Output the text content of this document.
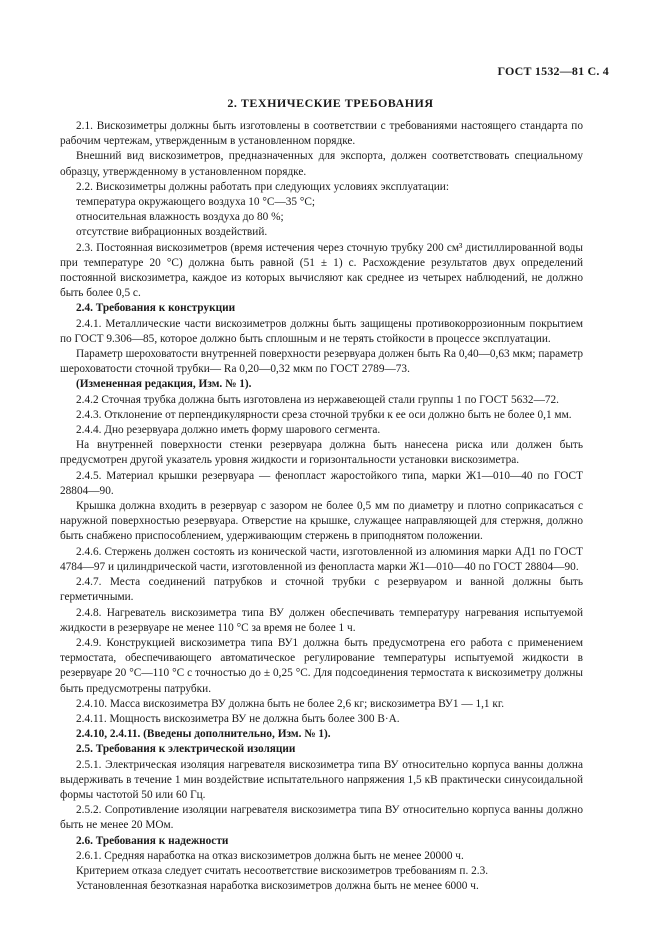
ГОСТ 1532—81 С. 4
2. ТЕХНИЧЕСКИЕ ТРЕБОВАНИЯ

2.1. Вискозиметры должны быть изготовлены в соответствии с требованиями настоящего стандарта по рабочим чертежам, утвержденным в установленном порядке.

Внешний вид вискозиметров, предназначенных для экспорта, должен соответствовать специальному образцу, утвержденному в установленном порядке.

2.2. Вискозиметры должны работать при следующих условиях эксплуатации:

температура окружающего воздуха 10 °С—35 °С;

относительная влажность воздуха до 80 %;

отсутствие вибрационных воздействий.

2.3. Постоянная вискозиметров (время истечения через сточную трубку 200 см³ дистиллированной воды при температуре 20 °С) должна быть равной (51 ± 1) с. Расхождение результатов двух определений постоянной вискозиметра, каждое из которых вычисляют как среднее из четырех наблюдений, не должно быть более 0,5 с.

2.4. Требования к конструкции

2.4.1. Металлические части вискозиметров должны быть защищены противокоррозионным покрытием по ГОСТ 9.306—85, которое должно быть сплошным и не терять стойкости в процессе эксплуатации.

Параметр шероховатости внутренней поверхности резервуара должен быть Ra 0,40—0,63 мкм; параметр шероховатости сточной трубки— Ra 0,20—0,32 мкм по ГОСТ 2789—73.

(Измененная редакция, Изм. № 1).

2.4.2 Сточная трубка должна быть изготовлена из нержавеющей стали группы 1 по ГОСТ 5632—72.

2.4.3. Отклонение от перпендикулярности среза сточной трубки к ее оси должно быть не более 0,1 мм.

2.4.4. Дно резервуара должно иметь форму шарового сегмента.

На внутренней поверхности стенки резервуара должна быть нанесена риска или должен быть предусмотрен другой указатель уровня жидкости и горизонтальности установки вискозиметра.

2.4.5. Материал крышки резервуара — фенопласт жаростойкого типа, марки Ж1—010—40 по ГОСТ 28804—90.

Крышка должна входить в резервуар с зазором не более 0,5 мм по диаметру и плотно соприкасаться с наружной поверхностью резервуара. Отверстие на крышке, служащее направляющей для стержня, должно быть снабжено приспособлением, удерживающим стержень в приподнятом положении.

2.4.6. Стержень должен состоять из конической части, изготовленной из алюминия марки АД1 по ГОСТ 4784—97 и цилиндрической части, изготовленной из фенопласта марки Ж1—010—40 по ГОСТ 28804—90.

2.4.7. Места соединений патрубков и сточной трубки с резервуаром и ванной должны быть герметичными.

2.4.8. Нагреватель вискозиметра типа ВУ должен обеспечивать температуру нагревания испытуемой жидкости в резервуаре не менее 110 °С за время не более 1 ч.

2.4.9. Конструкцией вискозиметра типа ВУ1 должна быть предусмотрена его работа с применением термостата, обеспечивающего автоматическое регулирование температуры испытуемой жидкости в резервуаре 20 °С—110 °С с точностью до ± 0,25 °С. Для подсоединения термостата к вискозиметру должны быть предусмотрены патрубки.

2.4.10. Масса вискозиметра ВУ должна быть не более 2,6 кг; вискозиметра ВУ1 — 1,1 кг.

2.4.11. Мощность вискозиметра ВУ не должна быть более 300 В·А.

2.4.10, 2.4.11. (Введены дополнительно, Изм. № 1).

2.5. Требования к электрической изоляции

2.5.1. Электрическая изоляция нагревателя вискозиметра типа ВУ относительно корпуса ванны должна выдерживать в течение 1 мин воздействие испытательного напряжения 1,5 кВ практически синусоидальной формы частотой 50 или 60 Гц.

2.5.2. Сопротивление изоляции нагревателя вискозиметра типа ВУ относительно корпуса ванны должно быть не менее 20 МОм.

2.6. Требования к надежности

2.6.1. Средняя наработка на отказ вискозиметров должна быть не менее 20000 ч.

Критерием отказа следует считать несоответствие вискозиметров требованиям п. 2.3.

Установленная безотказная наработка вискозиметров должна быть не менее 6000 ч.
